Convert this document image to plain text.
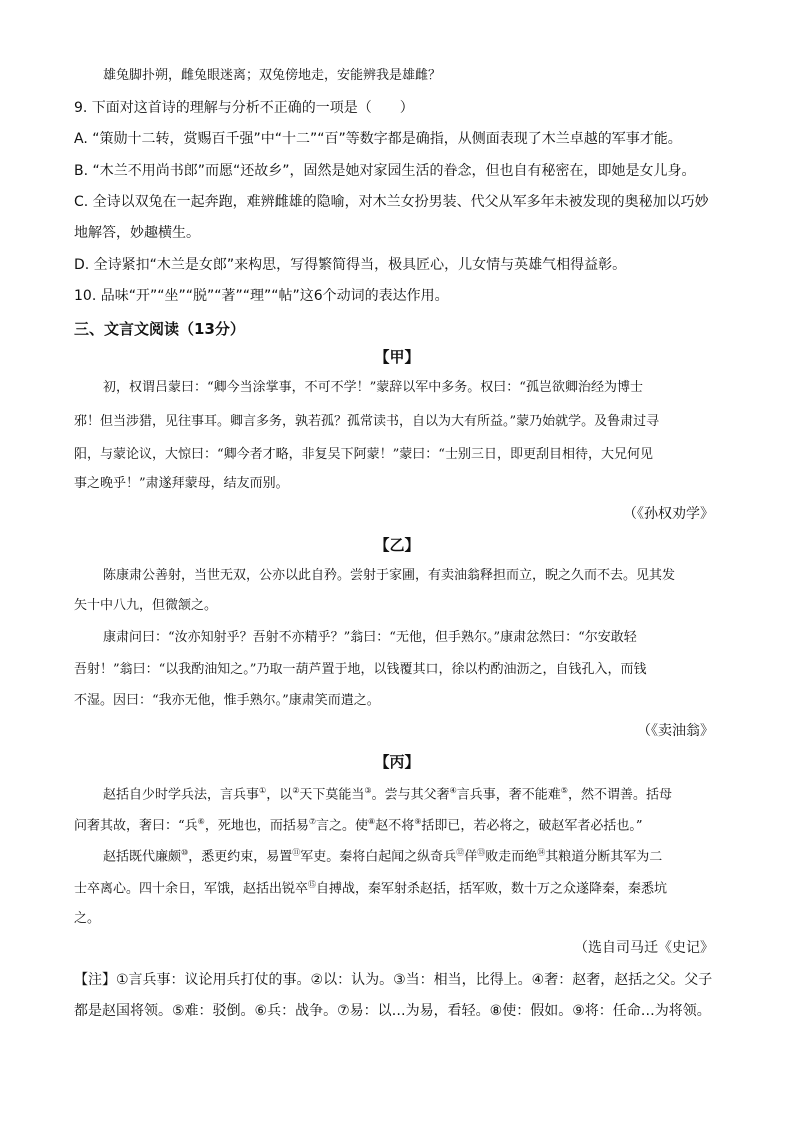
雄兔脚扑朔，雌兔眼迷离；双兔傍地走，安能辨我是雄雌？
9. 下面对这首诗的理解与分析不正确的一项是（　　）
A. “策勋十二转，赏赐百千强”中“十二”“百”等数字都是确指，从侧面表现了木兰卓越的军事才能。
B. “木兰不用尚书郎”而愿“还故乡”，固然是她对家园生活的眷念，但也自有秘密在，即她是女儿身。
C. 全诗以双兔在一起奔跑，难辨雌雄的隐喻，对木兰女扮男装、代父从军多年未被发现的奥秘加以巧妙
地解答，妙趣横生。
D. 全诗紧扣“木兰是女郎”来构思，写得繁简得当，极具匠心，儿女情与英雄气相得益彰。
10. 品味“开”“坐”“脱”“著”“理”“帖”这6个动词的表达作用。
三、文言文阅读（13分）
【甲】
初，权谓吕蒙曰：“卿今当涂掌事，不可不学！”蒙辞以军中多务。权曰：“孤岂欲卿治经为博士
邪！但当涉猎，见往事耳。卿言多务，孰若孤？孤常读书，自以为大有所益。”蒙乃始就学。及鲁肃过寻
阳，与蒙论议，大惊曰：“卿今者才略，非复吴下阿蒙！”蒙曰：“士别三日，即更刮目相待，大兄何见
事之晚乎！”肃遂拜蒙母，结友而别。
（《孙权劝学》
【乙】
陈康肃公善射，当世无双，公亦以此自矜。尝射于家圃，有卖油翁释担而立，睨之久而不去。见其发
矢十中八九，但微颔之。
康肃问曰：“汝亦知射乎？吾射不亦精乎？”翁曰：“无他，但手熟尔。”康肃忿然曰：“尔安敢轻
吾射！”翁曰：“以我酌油知之。”乃取一葫芦置于地，以钱覆其口，徐以杓酌油沥之，自钱孔入，而钱
不湿。因曰：“我亦无他，惟手熟尔。”康肃笑而遣之。
（《卖油翁》
【丙】
赵括自少时学兵法，言兵事①，以②天下莫能当③。尝与其父奢④言兵事，奢不能难⑤，然不谓善。括母
问奢其故，奢曰：“兵⑥，死地也，而括易⑦言之。使⑧赵不将⑨括即已，若必将之，破赵军者必括也。”
赵括既代廉颇⑩，悉更约束，易置⑪军吏。秦将白起闻之纵奇兵⑫佯⑬败走而绝⑭其粮道分断其军为二
士卒离心。四十余日，军饿，赵括出锐卒⑮自搏战，秦军射杀赵括，括军败，数十万之众遂降秦，秦悉坑
之。
（选自司马迁《史记》
【注】①言兵事：议论用兵打仗的事。②以：认为。③当：相当，比得上。④奢：赵奢，赵括之父。父子
都是赵国将领。⑤难：驳倒。⑥兵：战争。⑦易：以…为易，看轻。⑧使：假如。⑨将：任命…为将领。
